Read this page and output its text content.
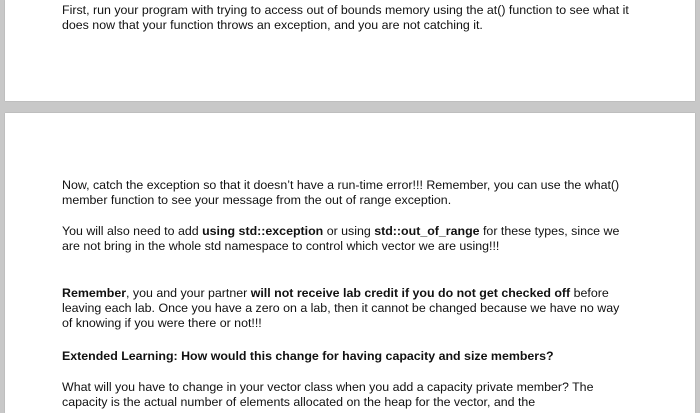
First, run your program with trying to access out of bounds memory using the at() function to see what it does now that your function throws an exception, and you are not catching it.

Now, catch the exception so that it doesn’t have a run-time error!!! Remember, you can use the what() member function to see your message from the out of range exception.

You will also need to add using std::exception or using std::out_of_range for these types, since we are not bring in the whole std namespace to control which vector we are using!!!

Remember, you and your partner will not receive lab credit if you do not get checked off before leaving each lab. Once you have a zero on a lab, then it cannot be changed because we have no way of knowing if you were there or not!!!

Extended Learning: How would this change for having capacity and size members?

What will you have to change in your vector class when you add a capacity private member? The capacity is the actual number of elements allocated on the heap for the vector, and the
